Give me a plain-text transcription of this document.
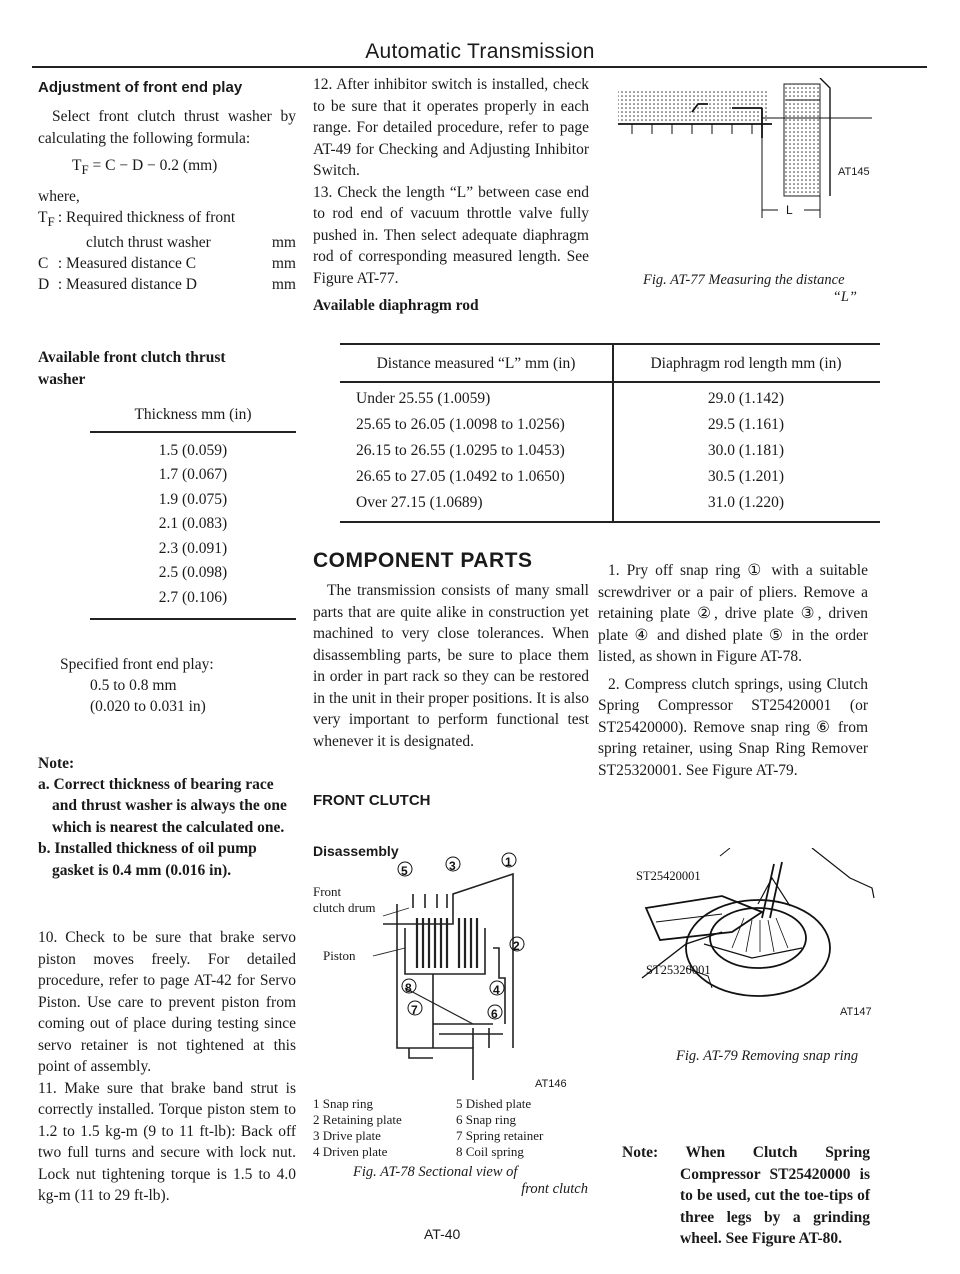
Automatic Transmission
Adjustment of front end play
Select front clutch thrust washer by calculating the following formula:
$T_F = C - D - 0.2$ (mm)
where,
$T_F$ : Required thickness of front
clutch thrust washer	mm
C : Measured distance C	mm
D : Measured distance D	mm
Available front clutch thrust washer
Thickness mm (in)
1.5 (0.059)
1.7 (0.067)
1.9 (0.075)
2.1 (0.083)
2.3 (0.091)
2.5 (0.098)
2.7 (0.106)
Specified front end play:
0.5 to 0.8 mm
(0.020 to 0.031 in)
Note:
a. Correct thickness of bearing race and thrust washer is always the one which is nearest the calculated one.
b. Installed thickness of oil pump gasket is 0.4 mm (0.016 in).
10. Check to be sure that brake servo piston moves freely. For detailed procedure, refer to page AT-42 for Servo Piston. Use care to prevent piston from coming out of place during testing since servo retainer is not tightened at this point of assembly.
11. Make sure that brake band strut is correctly installed. Torque piston stem to 1.2 to 1.5 kg-m (9 to 11 ft-lb): Back off two full turns and secure with lock nut. Lock nut tightening torque is 1.5 to 4.0 kg-m (11 to 29 ft-lb).
12. After inhibitor switch is installed, check to be sure that it operates properly in each range. For detailed procedure, refer to page AT-49 for Checking and Adjusting Inhibitor Switch.
13. Check the length “L” between case end to rod end of vacuum throttle valve fully pushed in. Then select adequate diaphragm rod of corresponding measured length. See Figure AT-77.
Available diaphragm rod
Distance measured “L” mm (in)	Diaphragm rod length mm (in)
Under 25.55 (1.0059)	29.0 (1.142)
25.65 to 26.05 (1.0098 to 1.0256)	29.5 (1.161)
26.15 to 26.55 (1.0295 to 1.0453)	30.0 (1.181)
26.65 to 27.05 (1.0492 to 1.0650)	30.5 (1.201)
Over 27.15 (1.0689)	31.0 (1.220)
COMPONENT PARTS
The transmission consists of many small parts that are quite alike in construction yet machined to very close tolerances. When disassembling parts, be sure to place them in order in part rack so they can be restored in the unit in their proper positions. It is also very important to perform functional test whenever it is designated.
FRONT CLUTCH
Disassembly
5	3	1
2
4
6
8
7
Front
clutch drum
Piston
AT146
1 Snap ring
2 Retaining plate
3 Drive plate
4 Driven plate
5 Dished plate
6 Snap ring
7 Spring retainer
8 Coil spring
Fig. AT-78 Sectional view of
front clutch
AT-40
L
AT145
Fig. AT-77 Measuring the distance
“L”
1. Pry off snap ring ① with a suitable screwdriver or a pair of pliers. Remove a retaining plate ②, drive plate ③, driven plate ④ and dished plate ⑤ in the order listed, as shown in Figure AT-78.
2. Compress clutch springs, using Clutch Spring Compressor ST25420001 (or ST25420000). Remove snap ring ⑥ from spring retainer, using Snap Ring Remover ST25320001. See Figure AT-79.
ST25420001
ST25320001
AT147
Fig. AT-79 Removing snap ring
Note: When Clutch Spring Compressor ST25420000 is to be used, cut the toe-tips of three legs by a grinding wheel. See Figure AT-80.
